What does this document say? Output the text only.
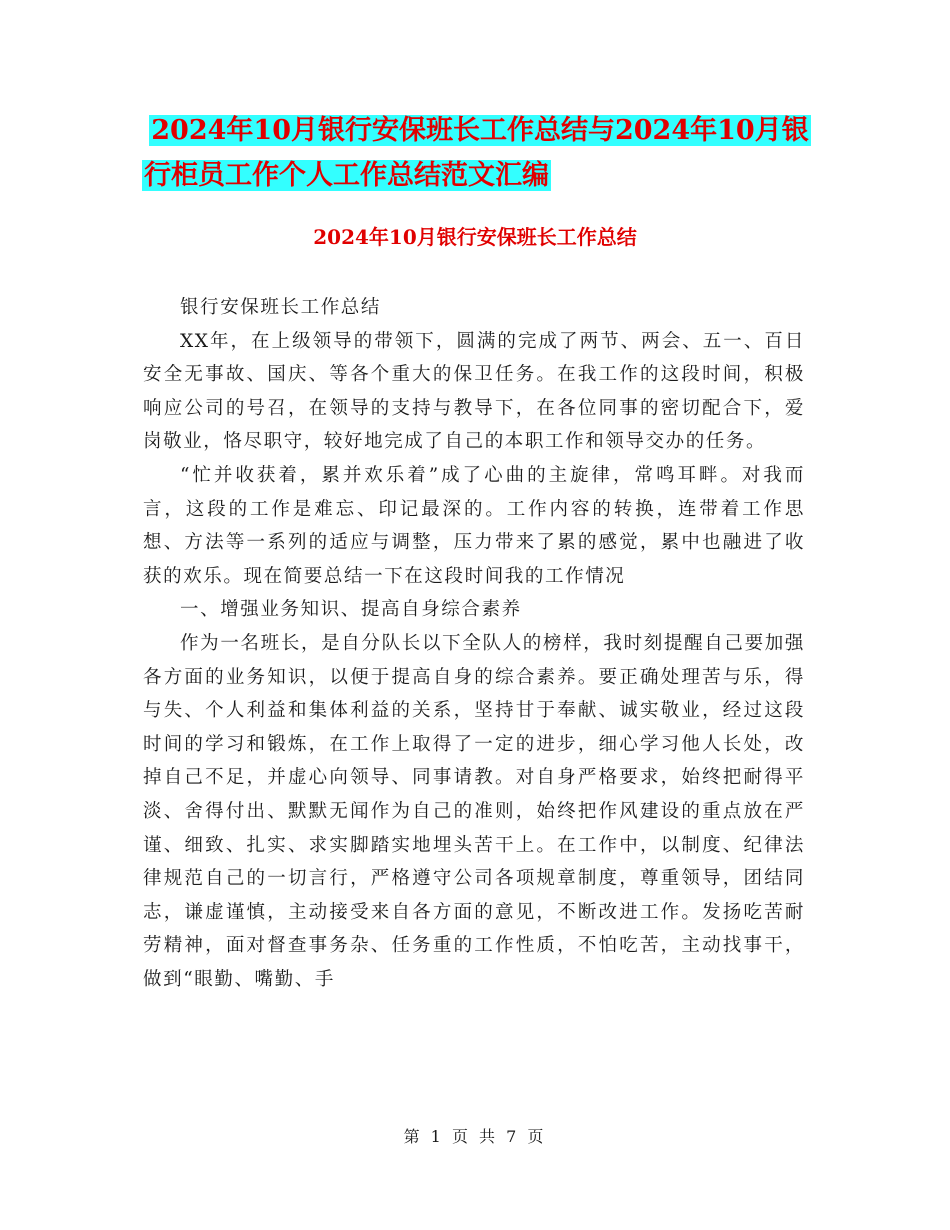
2024年10月银行安保班长工作总结与2024年10月银
行柜员工作个人工作总结范文汇编
2024年10月银行安保班长工作总结

银行安保班长工作总结

XX年，在上级领导的带领下，圆满的完成了两节、两会、五一、百日安全无事故、国庆、等各个重大的保卫任务。在我工作的这段时间，积极响应公司的号召，在领导的支持与教导下，在各位同事的密切配合下，爱岗敬业，恪尽职守，较好地完成了自己的本职工作和领导交办的任务。

“忙并收获着，累并欢乐着”成了心曲的主旋律，常鸣耳畔。对我而言，这段的工作是难忘、印记最深的。工作内容的转换，连带着工作思想、方法等一系列的适应与调整，压力带来了累的感觉，累中也融进了收获的欢乐。现在简要总结一下在这段时间我的工作情况

一、增强业务知识、提高自身综合素养

作为一名班长，是自分队长以下全队人的榜样，我时刻提醒自己要加强各方面的业务知识，以便于提高自身的综合素养。要正确处理苦与乐，得与失、个人利益和集体利益的关系，坚持甘于奉献、诚实敬业，经过这段时间的学习和锻炼，在工作上取得了一定的进步，细心学习他人长处，改掉自己不足，并虚心向领导、同事请教。对自身严格要求，始终把耐得平淡、舍得付出、默默无闻作为自己的准则，始终把作风建设的重点放在严谨、细致、扎实、求实脚踏实地埋头苦干上。在工作中，以制度、纪律法律规范自己的一切言行，严格遵守公司各项规章制度，尊重领导，团结同志，谦虚谨慎，主动接受来自各方面的意见，不断改进工作。发扬吃苦耐劳精神，面对督查事务杂、任务重的工作性质，不怕吃苦，主动找事干，做到“眼勤、嘴勤、手

第 1 页 共 7 页
